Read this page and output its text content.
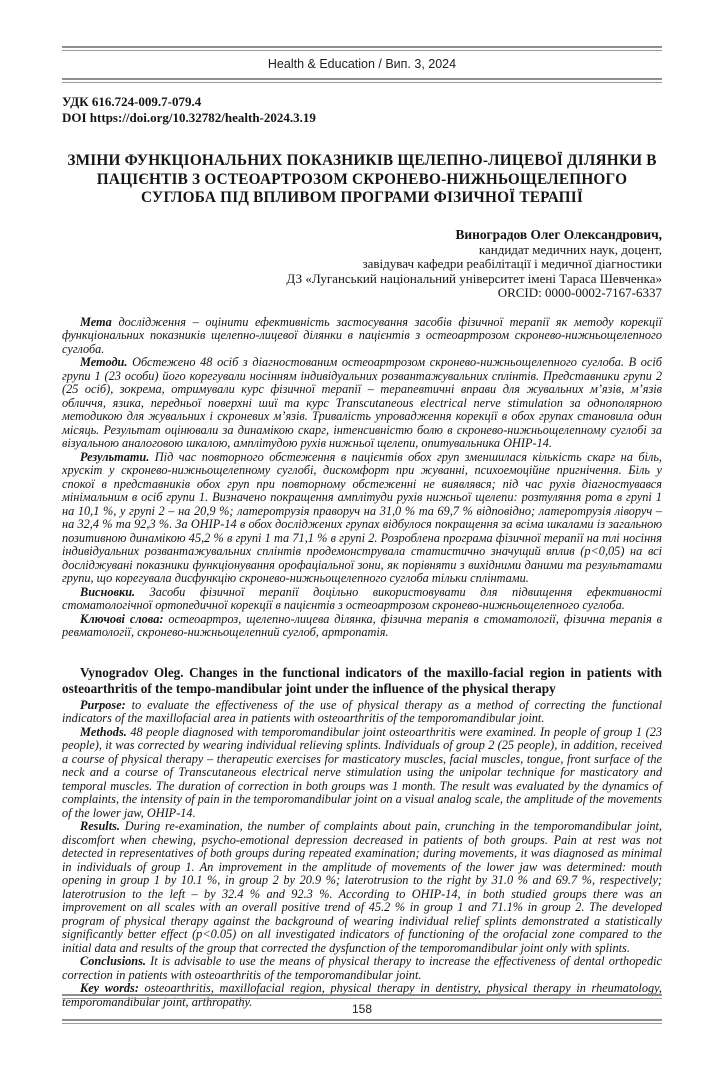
Health & Education / Вип. 3, 2024
УДК 616.724-009.7-079.4
DOI https://doi.org/10.32782/health-2024.3.19
ЗМІНИ ФУНКЦІОНАЛЬНИХ ПОКАЗНИКІВ ЩЕЛЕПНО-ЛИЦЕВОЇ ДІЛЯНКИ В ПАЦІЄНТІВ З ОСТЕОАРТРОЗОМ СКРОНЕВО-НИЖНЬОЩЕЛЕПНОГО СУГЛОБА ПІД ВПЛИВОМ ПРОГРАМИ ФІЗИЧНОЇ ТЕРАПІЇ
Виноградов Олег Олександрович,
кандидат медичних наук, доцент,
завідувач кафедри реабілітації і медичної діагностики
ДЗ «Луганський національний університет імені Тараса Шевченка»
ORCID: 0000-0002-7167-6337

Мета дослідження – оцінити ефективність застосування засобів фізичної терапії як методу корекції функціональних показників щелепно-лицевої ділянки в пацієнтів з остеоартрозом скронево-нижньощелепного суглоба.

Методи. Обстежено 48 осіб з діагностованим остеоартрозом скронево-нижньощелепного суглоба. В осіб групи 1 (23 особи) його корегували носінням індивідуальних розвантажувальних сплінтів. Представники групи 2 (25 осіб), зокрема, отримували курс фізичної терапії – терапевтичні вправи для жувальних м’язів, м’язів обличчя, язика, передньої поверхні шиї та курс Transcutaneous electrical nerve stimulation за однополярною методикою для жувальних і скроневих м’язів. Тривалість упровадження корекції в обох групах становила один місяць. Результат оцінювали за динамікою скарг, інтенсивністю болю в скронево-нижньощелепному суглобі за візуальною аналоговою шкалою, амплітудою рухів нижньої щелепи, опитувальника OHIP-14.

Результати. Під час повторного обстеження в пацієнтів обох груп зменшилася кількість скарг на біль, хрускіт у скронево-нижньощелепному суглобі, дискомфорт при жуванні, психоемоційне пригнічення. Біль у спокої в представників обох груп при повторному обстеженні не виявлявся; під час рухів діагностувався мінімальним в осіб групи 1. Визначено покращення амплітуди рухів нижньої щелепи: розтуляння рота в групі 1 на 10,1 %, у групі 2 – на 20,9 %; латеротрузія праворуч на 31,0 % та 69,7 % відповідно; латеротрузія ліворуч – на 32,4 % та 92,3 %. За OHIP-14 в обох досліджених групах відбулося покращення за всіма шкалами із загальною позитивною динамікою 45,2 % в групі 1 та 71,1 % в групі 2. Розроблена програма фізичної терапії на тлі носіння індивідуальних розвантажувальних сплінтів продемонструвала статистично значущий вплив (p<0,05) на всі досліджувані показники функціонування орофаціальної зони, як порівняти з вихідними даними та результатами групи, що корегувала дисфункцію скронево-нижньощелепного суглоба тільки сплінтами.

Висновки. Засоби фізичної терапії доцільно використовувати для підвищення ефективності стоматологічної ортопедичної корекції в пацієнтів з остеоартрозом скронево-нижньощелепного суглоба.

Ключові слова: остеоартроз, щелепно-лицева ділянка, фізична терапія в стоматології, фізична терапія в ревматології, скронево-нижньощелепний суглоб, артропатія.

Vynogradov Oleg. Changes in the functional indicators of the maxillo-facial region in patients with osteoarthritis of the tempo-mandibular joint under the influence of the physical therapy

Purpose: to evaluate the effectiveness of the use of physical therapy as a method of correcting the functional indicators of the maxillofacial area in patients with osteoarthritis of the temporomandibular joint.

Methods. 48 people diagnosed with temporomandibular joint osteoarthritis were examined. In people of group 1 (23 people), it was corrected by wearing individual relieving splints. Individuals of group 2 (25 people), in addition, received a course of physical therapy – therapeutic exercises for masticatory muscles, facial muscles, tongue, front surface of the neck and a course of Transcutaneous electrical nerve stimulation using the unipolar technique for masticatory and temporal muscles. The duration of correction in both groups was 1 month. The result was evaluated by the dynamics of complaints, the intensity of pain in the temporomandibular joint on a visual analog scale, the amplitude of the movements of the lower jaw, OHIP-14.

Results. During re-examination, the number of complaints about pain, crunching in the temporomandibular joint, discomfort when chewing, psycho-emotional depression decreased in patients of both groups. Pain at rest was not detected in representatives of both groups during repeated examination; during movements, it was diagnosed as minimal in individuals of group 1. An improvement in the amplitude of movements of the lower jaw was determined: mouth opening in group 1 by 10.1 %, in group 2 by 20.9 %; laterotrusion to the right by 31.0 % and 69.7 %, respectively; laterotrusion to the left – by 32.4 % and 92.3 %. According to OHIP-14, in both studied groups there was an improvement on all scales with an overall positive trend of 45.2 % in group 1 and 71.1% in group 2. The developed program of physical therapy against the background of wearing individual relief splints demonstrated a statistically significantly better effect (p<0.05) on all investigated indicators of functioning of the orofacial zone compared to the initial data and results of the group that corrected the dysfunction of the temporomandibular joint only with splints.

Conclusions. It is advisable to use the means of physical therapy to increase the effectiveness of dental orthopedic correction in patients with osteoarthritis of the temporomandibular joint.

Key words: osteoarthritis, maxillofacial region, physical therapy in dentistry, physical therapy in rheumatology, temporomandibular joint, arthropathy.

158
